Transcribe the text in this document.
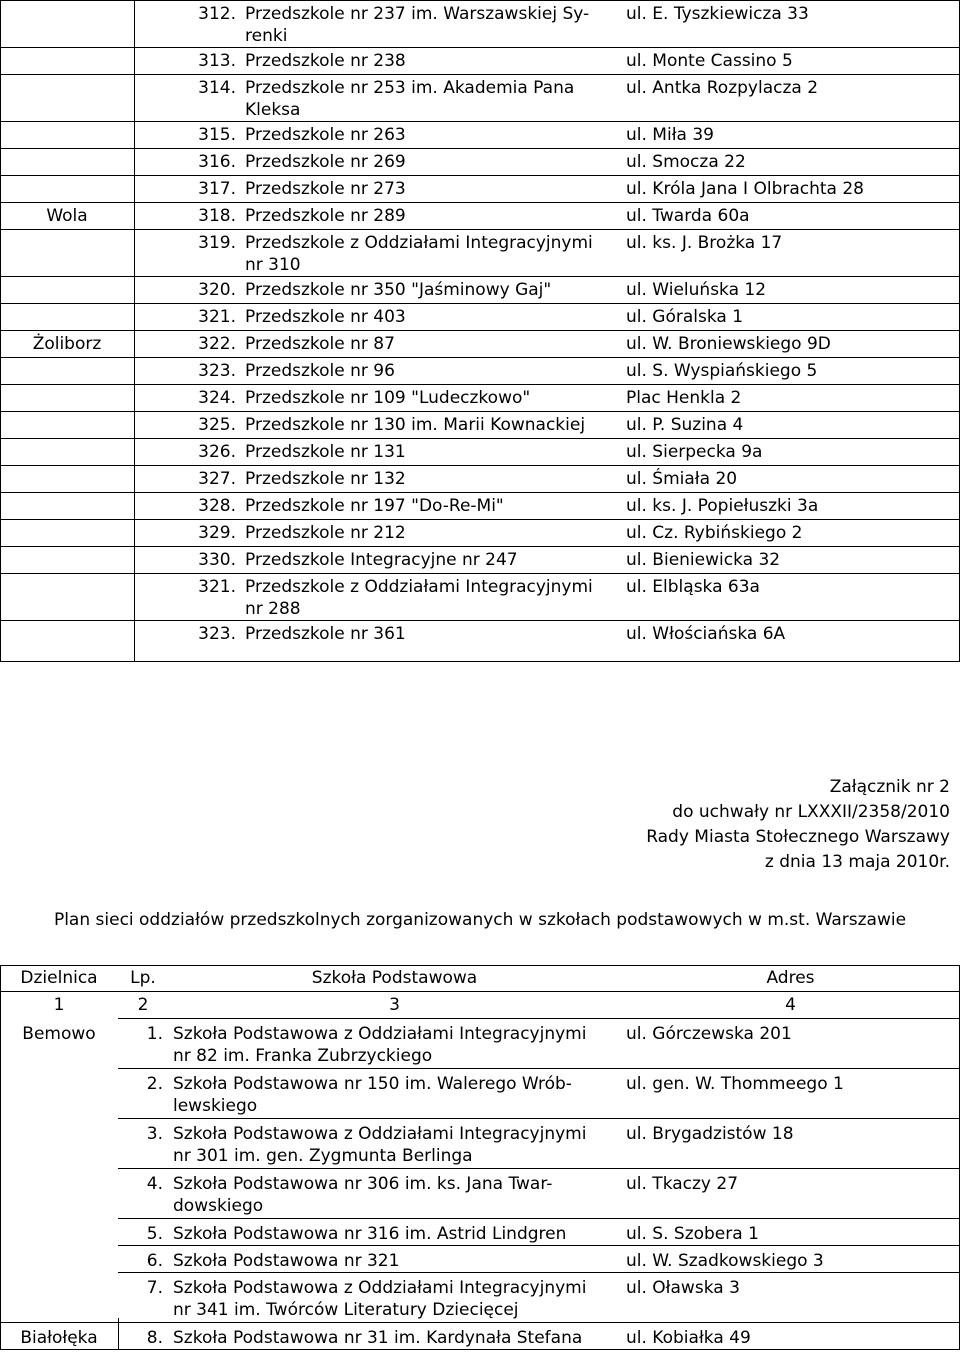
	312.	Przedszkole nr 237 im. Warszawskiej Sy-
renki	ul. E. Tyszkiewicza 33
	313.	Przedszkole nr 238	ul. Monte Cassino 5
	314.	Przedszkole nr 253 im. Akademia Pana
Kleksa	ul. Antka Rozpylacza 2
	315.	Przedszkole nr 263	ul. Miła 39
	316.	Przedszkole nr 269	ul. Smocza 22
	317.	Przedszkole nr 273	ul. Króla Jana I Olbrachta 28
Wola	318.	Przedszkole nr 289	ul. Twarda 60a
	319.	Przedszkole z Oddziałami Integracyjnymi
nr 310	ul. ks. J. Brożka 17
	320.	Przedszkole nr 350 "Jaśminowy Gaj"	ul. Wieluńska 12
	321.	Przedszkole nr 403	ul. Góralska 1
Żoliborz	322.	Przedszkole nr 87	ul. W. Broniewskiego 9D
	323.	Przedszkole nr 96	ul. S. Wyspiańskiego 5
	324.	Przedszkole nr 109 "Ludeczkowo"	Plac Henkla 2
	325.	Przedszkole nr 130 im. Marii Kownackiej	ul. P. Suzina 4
	326.	Przedszkole nr 131	ul. Sierpecka 9a
	327.	Przedszkole nr 132	ul. Śmiała 20
	328.	Przedszkole nr 197 "Do-Re-Mi"	ul. ks. J. Popiełuszki 3a
	329.	Przedszkole nr 212	ul. Cz. Rybińskiego 2
	330.	Przedszkole Integracyjne nr 247	ul. Bieniewicka 32
	321.	Przedszkole z Oddziałami Integracyjnymi
nr 288	ul. Elbląska 63a
	323.	Przedszkole nr 361	ul. Włościańska 6A
Załącznik nr 2
do uchwały nr LXXXII/2358/2010
Rady Miasta Stołecznego Warszawy
z dnia 13 maja 2010r.
Plan sieci oddziałów przedszkolnych zorganizowanych w szkołach podstawowych w m.st. Warszawie
Dzielnica	Lp.	Szkoła Podstawowa	Adres
1	2	3	4
Bemowo	1.	Szkoła Podstawowa z Oddziałami Integracyjnymi
nr 82 im. Franka Zubrzyckiego	ul. Górczewska 201
	2.	Szkoła Podstawowa nr 150 im. Walerego Wrób-
lewskiego	ul. gen. W. Thommeego 1
	3.	Szkoła Podstawowa z Oddziałami Integracyjnymi
nr 301 im. gen. Zygmunta Berlinga	ul. Brygadzistów 18
	4.	Szkoła Podstawowa nr 306 im. ks. Jana Twar-
dowskiego	ul. Tkaczy 27
	5.	Szkoła Podstawowa nr 316 im. Astrid Lindgren	ul. S. Szobera 1
	6.	Szkoła Podstawowa nr 321	ul. W. Szadkowskiego 3
	7.	Szkoła Podstawowa z Oddziałami Integracyjnymi
nr 341 im. Twórców Literatury Dziecięcej	ul. Oławska 3
Białołęka	8.	Szkoła Podstawowa nr 31 im. Kardynała Stefana	ul. Kobiałka 49
